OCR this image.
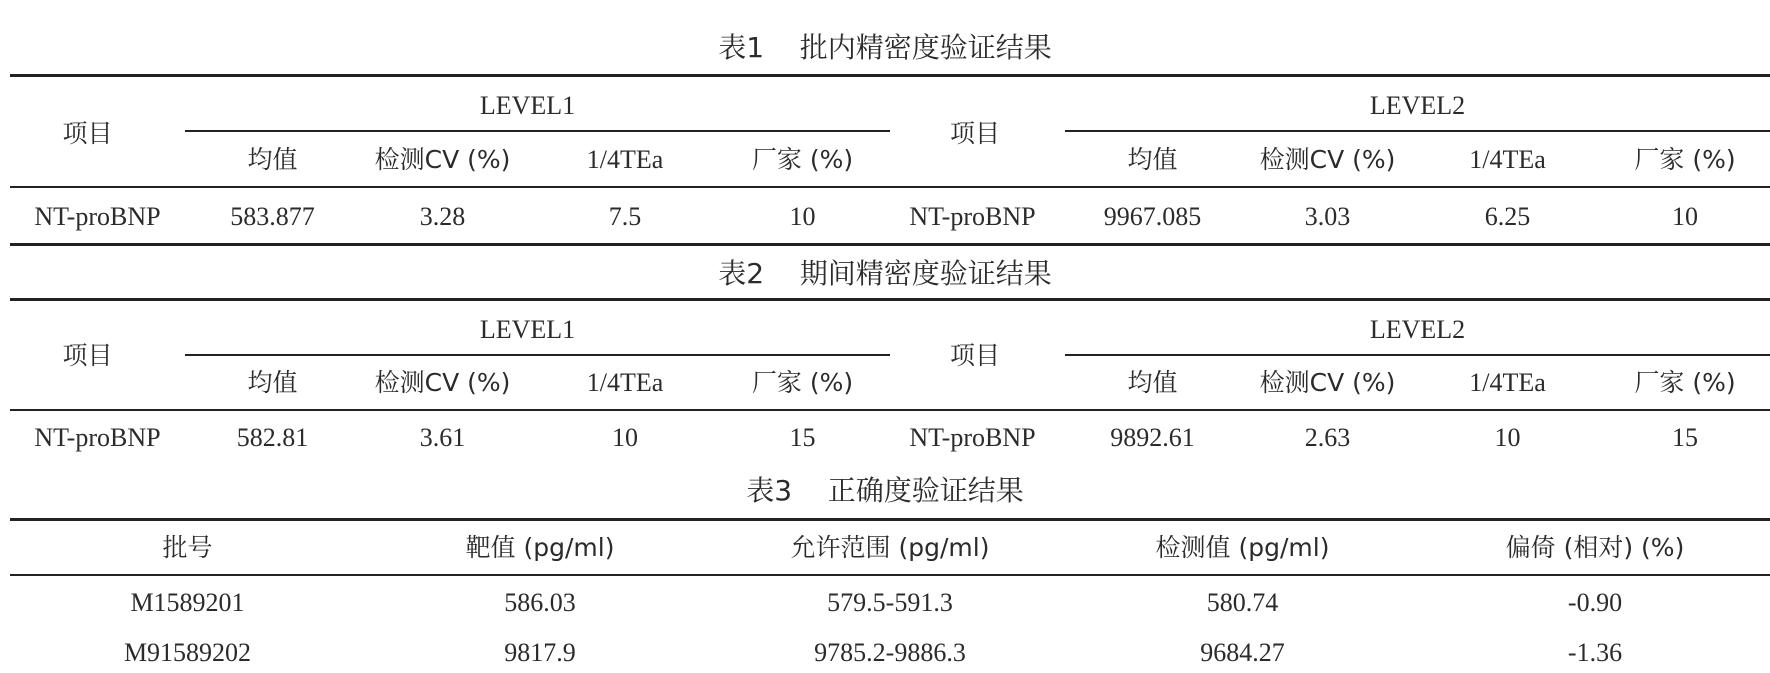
表1    批内精密度验证结果
项目
LEVEL1
项目
LEVEL2
均值	检测CV (%)	1/4TEa	厂家 (%)	均值	检测CV (%)	1/4TEa	厂家 (%)
NT-proBNP	583.877	3.28	7.5	10	NT-proBNP	9967.085	3.03	6.25	10
表2    期间精密度验证结果
项目
LEVEL1
项目
LEVEL2
均值	检测CV (%)	1/4TEa	厂家 (%)	均值	检测CV (%)	1/4TEa	厂家 (%)
NT-proBNP	582.81	3.61	10	15	NT-proBNP	9892.61	2.63	10	15
表3    正确度验证结果
批号	靶值 (pg/ml)	允许范围 (pg/ml)	检测值 (pg/ml)	偏倚 (相对) (%)
M1589201	586.03	579.5-591.3	580.74	-0.90
M91589202	9817.9	9785.2-9886.3	9684.27	-1.36
